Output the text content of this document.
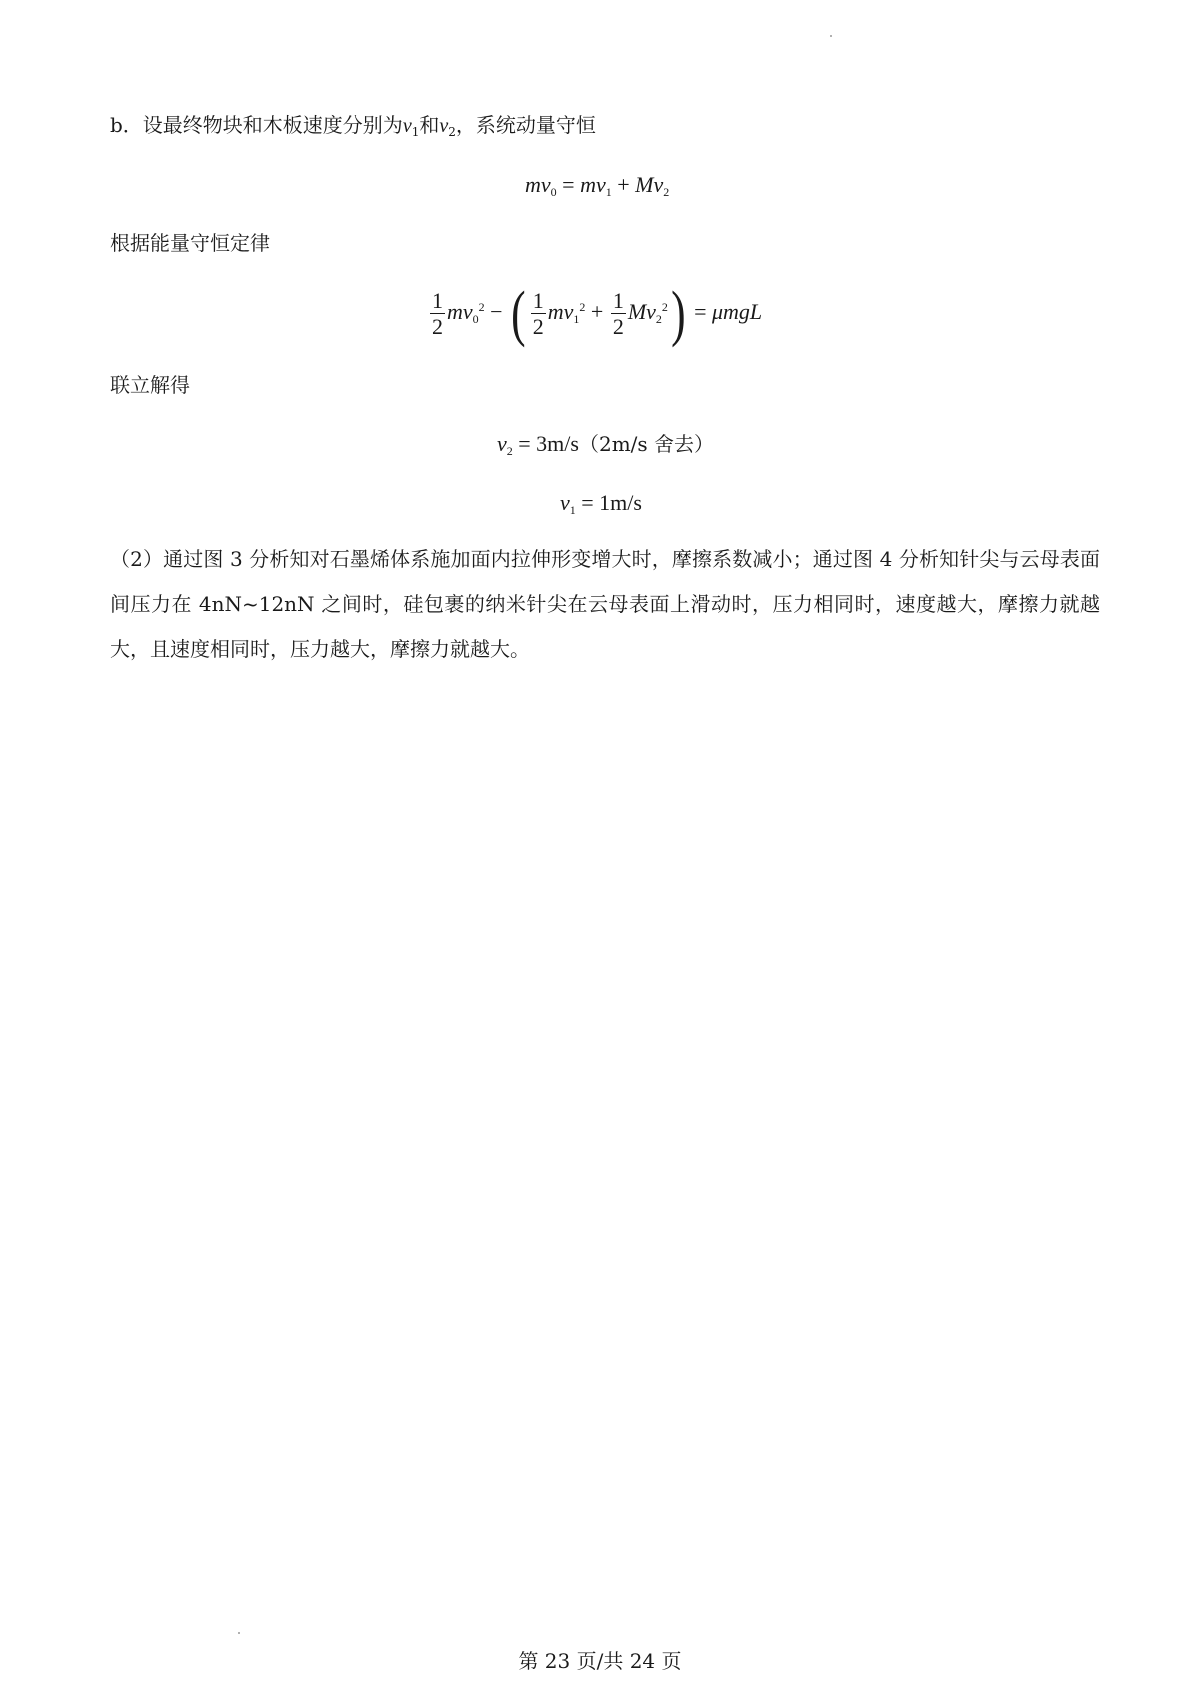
b．设最终物块和木板速度分别为$v_1$和$v_2$，系统动量守恒
$mv_0 = mv_1 + Mv_2$
根据能量守恒定律
$\frac{1}{2} mv_0^2$ − ( $\frac{1}{2} mv_1^2 + \frac{1}{2} Mv_2^2) = \mu mgL$
联立解得
$v_2 = 3m/s(2m/s$ 舍去）
$v_1 = 1m/s$
（2）通过图 3 分析知对石墨烯体系施加面内拉伸形变增大时，摩擦系数减小；通过图 4 分析知针尖与云母表面间压力在 4nN~12nN 之间时，硅包裹的纳米针尖在云母表面上滑动时，压力相同时，速度越大，摩擦力就越大，且速度相同时，压力越大，摩擦力就越大。
第 23 页/共 24 页
